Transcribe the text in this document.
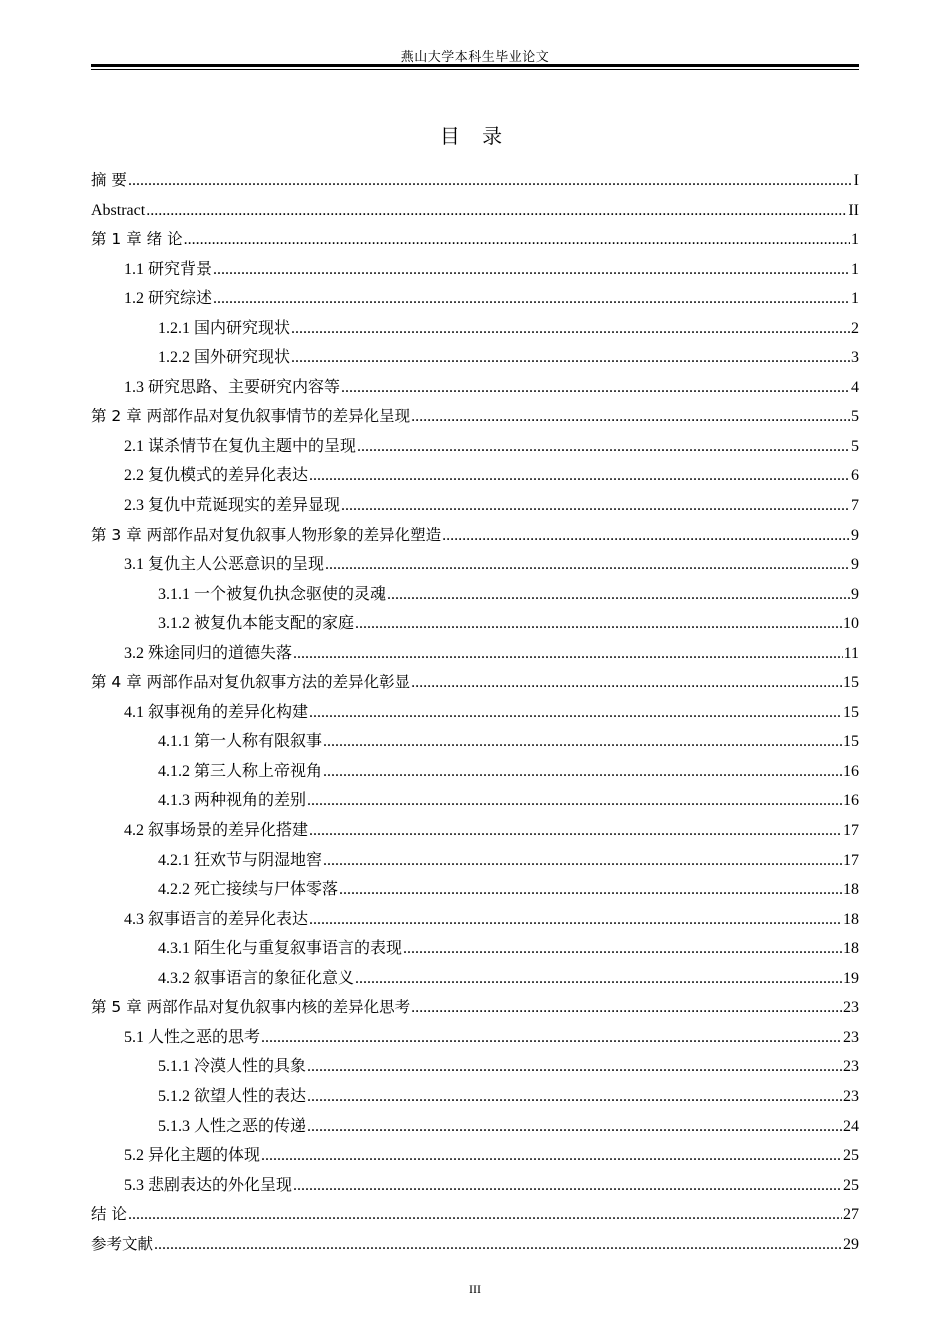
燕山大学本科生毕业论文
目 录
摘 要 .....	I
Abstract .....	II
第 1 章 绪 论 .....	1
1.1 研究背景 .....	1
1.2 研究综述 .....	1
1.2.1 国内研究现状 .....	2
1.2.2 国外研究现状 .....	3
1.3 研究思路、主要研究内容等 .....	4
第 2 章 两部作品对复仇叙事情节的差异化呈现 .....	5
2.1 谋杀情节在复仇主题中的呈现 .....	5
2.2 复仇模式的差异化表达 .....	6
2.3 复仇中荒诞现实的差异显现 .....	7
第 3 章 两部作品对复仇叙事人物形象的差异化塑造 .....	9
3.1 复仇主人公恶意识的呈现 .....	9
3.1.1 一个被复仇执念驱使的灵魂 .....	9
3.1.2 被复仇本能支配的家庭 .....	10
3.2 殊途同归的道德失落 .....	11
第 4 章 两部作品对复仇叙事方法的差异化彰显 .....	15
4.1 叙事视角的差异化构建 .....	15
4.1.1 第一人称有限叙事 .....	15
4.1.2 第三人称上帝视角 .....	16
4.1.3 两种视角的差别 .....	16
4.2 叙事场景的差异化搭建 .....	17
4.2.1 狂欢节与阴湿地窖 .....	17
4.2.2 死亡接续与尸体零落 .....	18
4.3 叙事语言的差异化表达 .....	18
4.3.1 陌生化与重复叙事语言的表现 .....	18
4.3.2 叙事语言的象征化意义 .....	19
第 5 章 两部作品对复仇叙事内核的差异化思考 .....	23
5.1 人性之恶的思考 .....	23
5.1.1 冷漠人性的具象 .....	23
5.1.2 欲望人性的表达 .....	23
5.1.3 人性之恶的传递 .....	24
5.2 异化主题的体现 .....	25
5.3 悲剧表达的外化呈现 .....	25
结 论 .....	27
参考文献 .....	29
III
